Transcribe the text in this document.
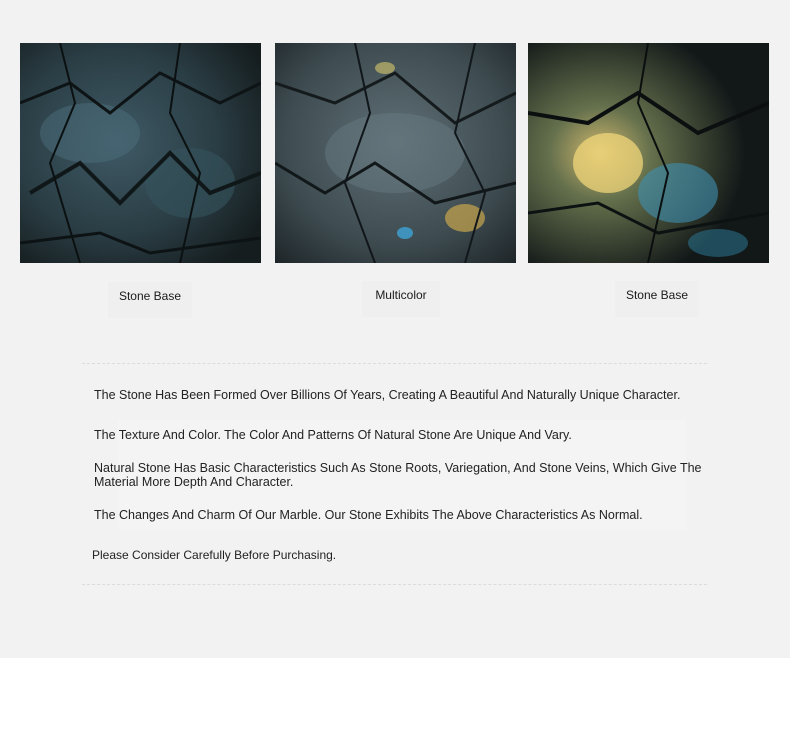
Stone Base	Multicolor	Stone Base
The Stone Has Been Formed Over Billions Of Years, Creating A Beautiful And Naturally Unique Character.
The Texture And Color. The Color And Patterns Of Natural Stone Are Unique And Vary.
Natural Stone Has Basic Characteristics Such As Stone Roots, Variegation, And Stone Veins, Which Give The Material More Depth And Character.
The Changes And Charm Of Our Marble. Our Stone Exhibits The Above Characteristics As Normal.
Please Consider Carefully Before Purchasing.
